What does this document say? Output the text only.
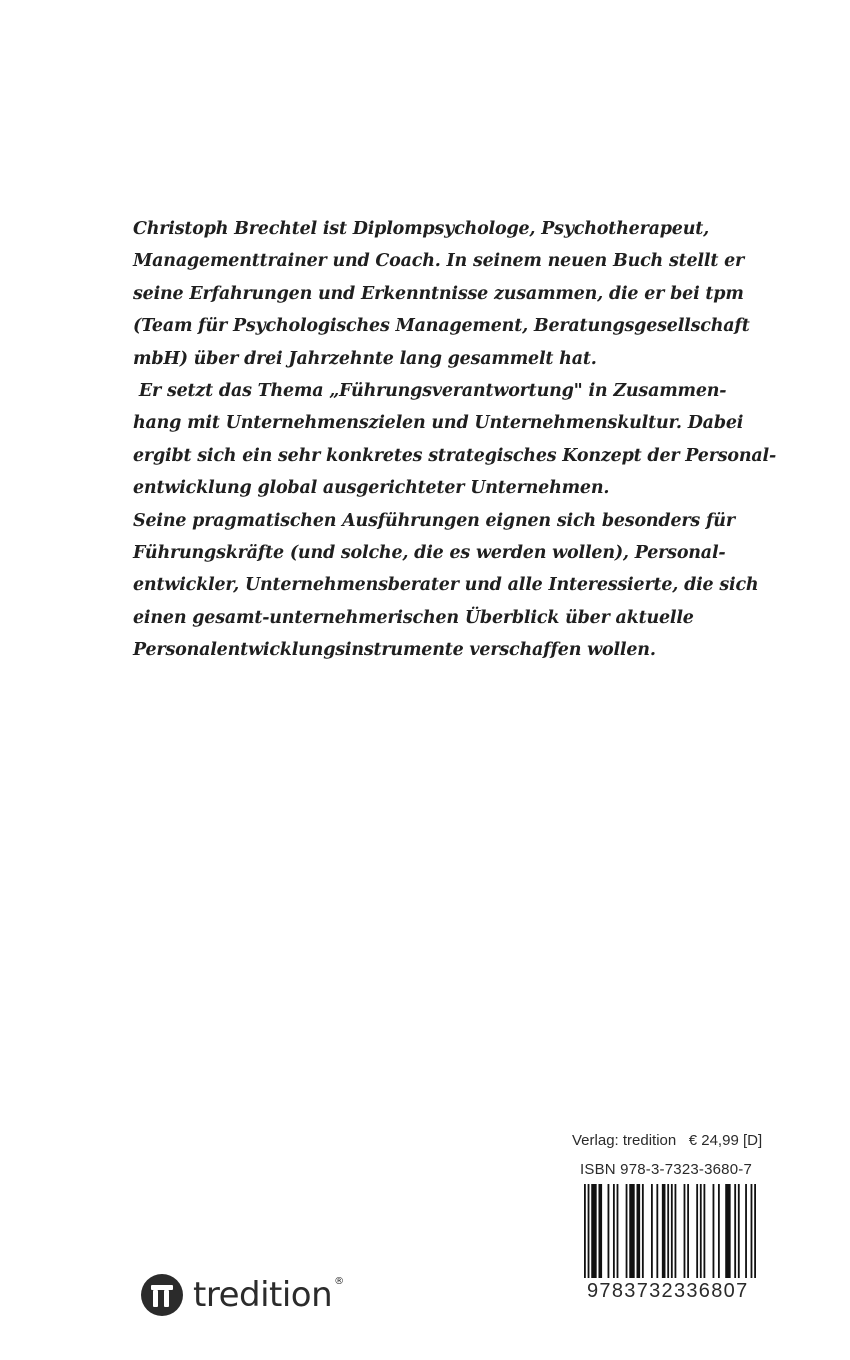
Christoph Brechtel ist Diplompsychologe, Psychotherapeut,
Managementtrainer und Coach. In seinem neuen Buch stellt er
seine Erfahrungen und Erkenntnisse zusammen, die er bei tpm
(Team für Psychologisches Management, Beratungsgesellschaft
mbH) über drei Jahrzehnte lang gesammelt hat.
Er setzt das Thema „Führungsverantwortung" in Zusammen-
hang mit Unternehmenszielen und Unternehmenskultur. Dabei
ergibt sich ein sehr konkretes strategisches Konzept der Personal-
entwicklung global ausgerichteter Unternehmen.
Seine pragmatischen Ausführungen eignen sich besonders für
Führungskräfte (und solche, die es werden wollen), Personal-
entwickler, Unternehmensberater und alle Interessierte, die sich
einen gesamt-unternehmerischen Überblick über aktuelle
Personalentwicklungsinstrumente verschaffen wollen.
Verlag: tredition   € 24,99 [D]
ISBN 978-3-7323-3680-7
9783732336807
tredition ®
